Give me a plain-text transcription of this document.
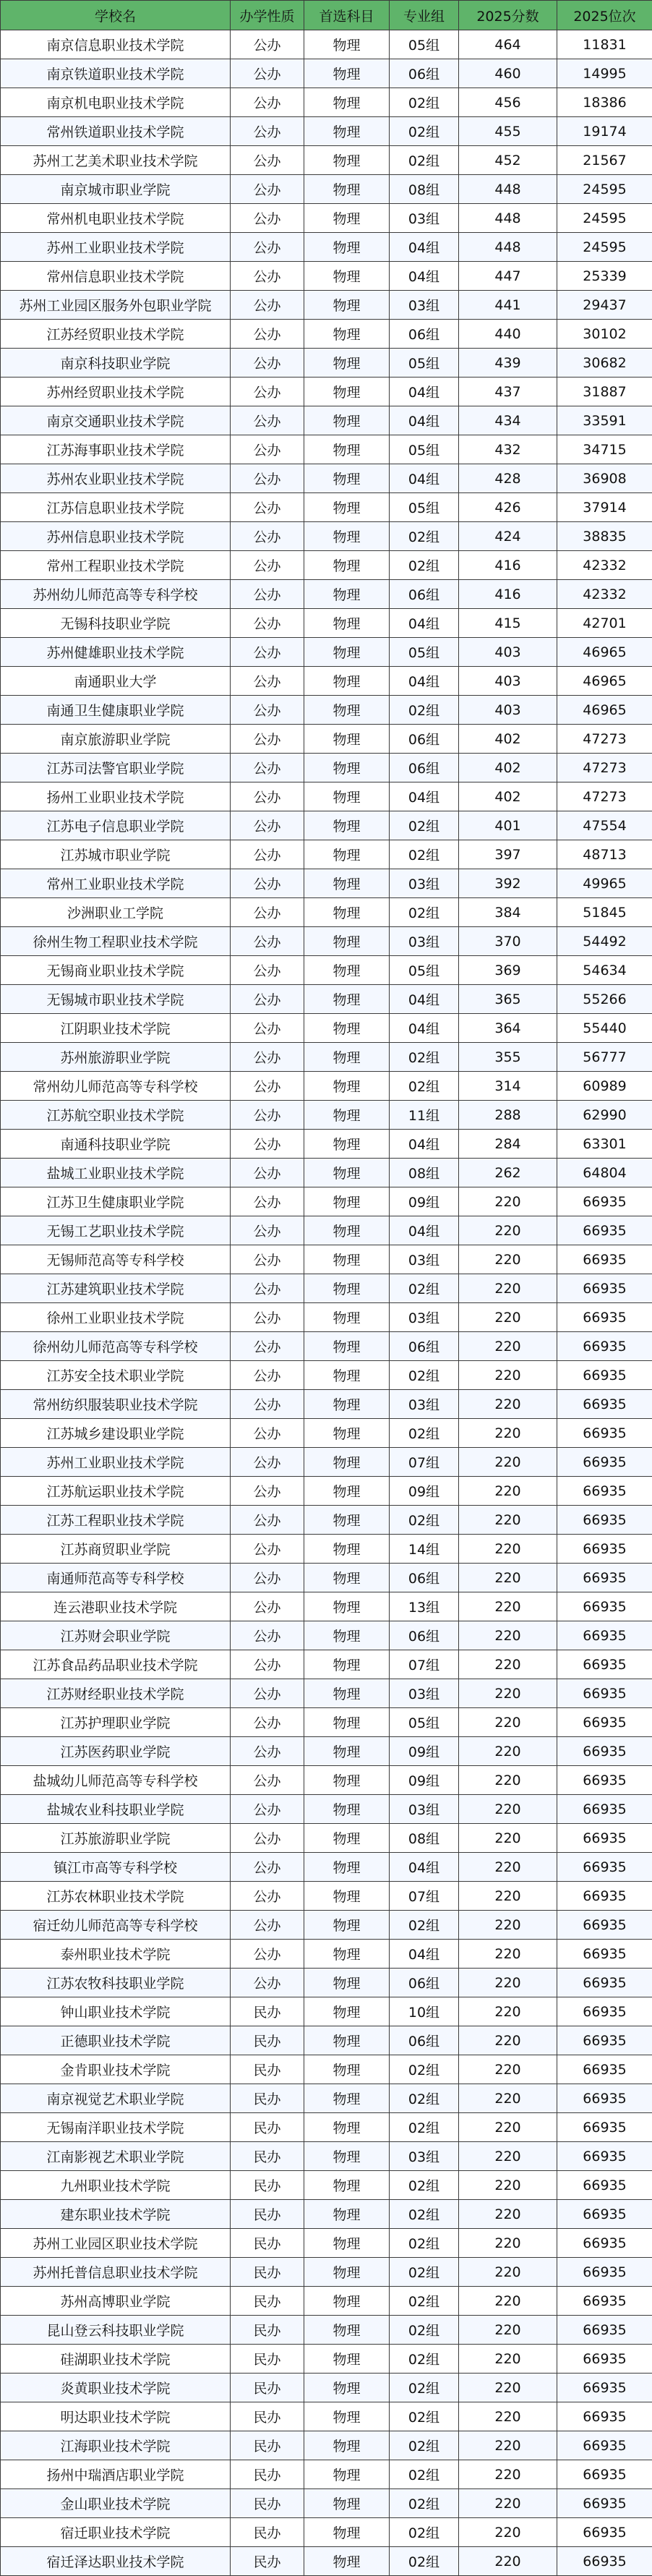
学校名	办学性质	首选科目	专业组	2025分数	2025位次
南京信息职业技术学院	公办	物理	05组	464	11831
南京铁道职业技术学院	公办	物理	06组	460	14995
南京机电职业技术学院	公办	物理	02组	456	18386
常州铁道职业技术学院	公办	物理	02组	455	19174
苏州工艺美术职业技术学院	公办	物理	02组	452	21567
南京城市职业学院	公办	物理	08组	448	24595
常州机电职业技术学院	公办	物理	03组	448	24595
苏州工业职业技术学院	公办	物理	04组	448	24595
常州信息职业技术学院	公办	物理	04组	447	25339
苏州工业园区服务外包职业学院	公办	物理	03组	441	29437
江苏经贸职业技术学院	公办	物理	06组	440	30102
南京科技职业学院	公办	物理	05组	439	30682
苏州经贸职业技术学院	公办	物理	04组	437	31887
南京交通职业技术学院	公办	物理	04组	434	33591
江苏海事职业技术学院	公办	物理	05组	432	34715
苏州农业职业技术学院	公办	物理	04组	428	36908
江苏信息职业技术学院	公办	物理	05组	426	37914
苏州信息职业技术学院	公办	物理	02组	424	38835
常州工程职业技术学院	公办	物理	02组	416	42332
苏州幼儿师范高等专科学校	公办	物理	06组	416	42332
无锡科技职业学院	公办	物理	04组	415	42701
苏州健雄职业技术学院	公办	物理	05组	403	46965
南通职业大学	公办	物理	04组	403	46965
南通卫生健康职业学院	公办	物理	02组	403	46965
南京旅游职业学院	公办	物理	06组	402	47273
江苏司法警官职业学院	公办	物理	06组	402	47273
扬州工业职业技术学院	公办	物理	04组	402	47273
江苏电子信息职业学院	公办	物理	02组	401	47554
江苏城市职业学院	公办	物理	02组	397	48713
常州工业职业技术学院	公办	物理	03组	392	49965
沙洲职业工学院	公办	物理	02组	384	51845
徐州生物工程职业技术学院	公办	物理	03组	370	54492
无锡商业职业技术学院	公办	物理	05组	369	54634
无锡城市职业技术学院	公办	物理	04组	365	55266
江阴职业技术学院	公办	物理	04组	364	55440
苏州旅游职业学院	公办	物理	02组	355	56777
常州幼儿师范高等专科学校	公办	物理	02组	314	60989
江苏航空职业技术学院	公办	物理	11组	288	62990
南通科技职业学院	公办	物理	04组	284	63301
盐城工业职业技术学院	公办	物理	08组	262	64804
江苏卫生健康职业学院	公办	物理	09组	220	66935
无锡工艺职业技术学院	公办	物理	04组	220	66935
无锡师范高等专科学校	公办	物理	03组	220	66935
江苏建筑职业技术学院	公办	物理	02组	220	66935
徐州工业职业技术学院	公办	物理	03组	220	66935
徐州幼儿师范高等专科学校	公办	物理	06组	220	66935
江苏安全技术职业学院	公办	物理	02组	220	66935
常州纺织服装职业技术学院	公办	物理	03组	220	66935
江苏城乡建设职业学院	公办	物理	02组	220	66935
苏州工业职业技术学院	公办	物理	07组	220	66935
江苏航运职业技术学院	公办	物理	09组	220	66935
江苏工程职业技术学院	公办	物理	02组	220	66935
江苏商贸职业学院	公办	物理	14组	220	66935
南通师范高等专科学校	公办	物理	06组	220	66935
连云港职业技术学院	公办	物理	13组	220	66935
江苏财会职业学院	公办	物理	06组	220	66935
江苏食品药品职业技术学院	公办	物理	07组	220	66935
江苏财经职业技术学院	公办	物理	03组	220	66935
江苏护理职业学院	公办	物理	05组	220	66935
江苏医药职业学院	公办	物理	09组	220	66935
盐城幼儿师范高等专科学校	公办	物理	09组	220	66935
盐城农业科技职业学院	公办	物理	03组	220	66935
江苏旅游职业学院	公办	物理	08组	220	66935
镇江市高等专科学校	公办	物理	04组	220	66935
江苏农林职业技术学院	公办	物理	07组	220	66935
宿迁幼儿师范高等专科学校	公办	物理	02组	220	66935
泰州职业技术学院	公办	物理	04组	220	66935
江苏农牧科技职业学院	公办	物理	06组	220	66935
钟山职业技术学院	民办	物理	10组	220	66935
正德职业技术学院	民办	物理	06组	220	66935
金肯职业技术学院	民办	物理	02组	220	66935
南京视觉艺术职业学院	民办	物理	02组	220	66935
无锡南洋职业技术学院	民办	物理	02组	220	66935
江南影视艺术职业学院	民办	物理	03组	220	66935
九州职业技术学院	民办	物理	02组	220	66935
建东职业技术学院	民办	物理	02组	220	66935
苏州工业园区职业技术学院	民办	物理	02组	220	66935
苏州托普信息职业技术学院	民办	物理	02组	220	66935
苏州高博职业学院	民办	物理	02组	220	66935
昆山登云科技职业学院	民办	物理	02组	220	66935
硅湖职业技术学院	民办	物理	02组	220	66935
炎黄职业技术学院	民办	物理	02组	220	66935
明达职业技术学院	民办	物理	02组	220	66935
江海职业技术学院	民办	物理	02组	220	66935
扬州中瑞酒店职业学院	民办	物理	02组	220	66935
金山职业技术学院	民办	物理	02组	220	66935
宿迁职业技术学院	民办	物理	02组	220	66935
宿迁泽达职业技术学院	民办	物理	02组	220	66935
